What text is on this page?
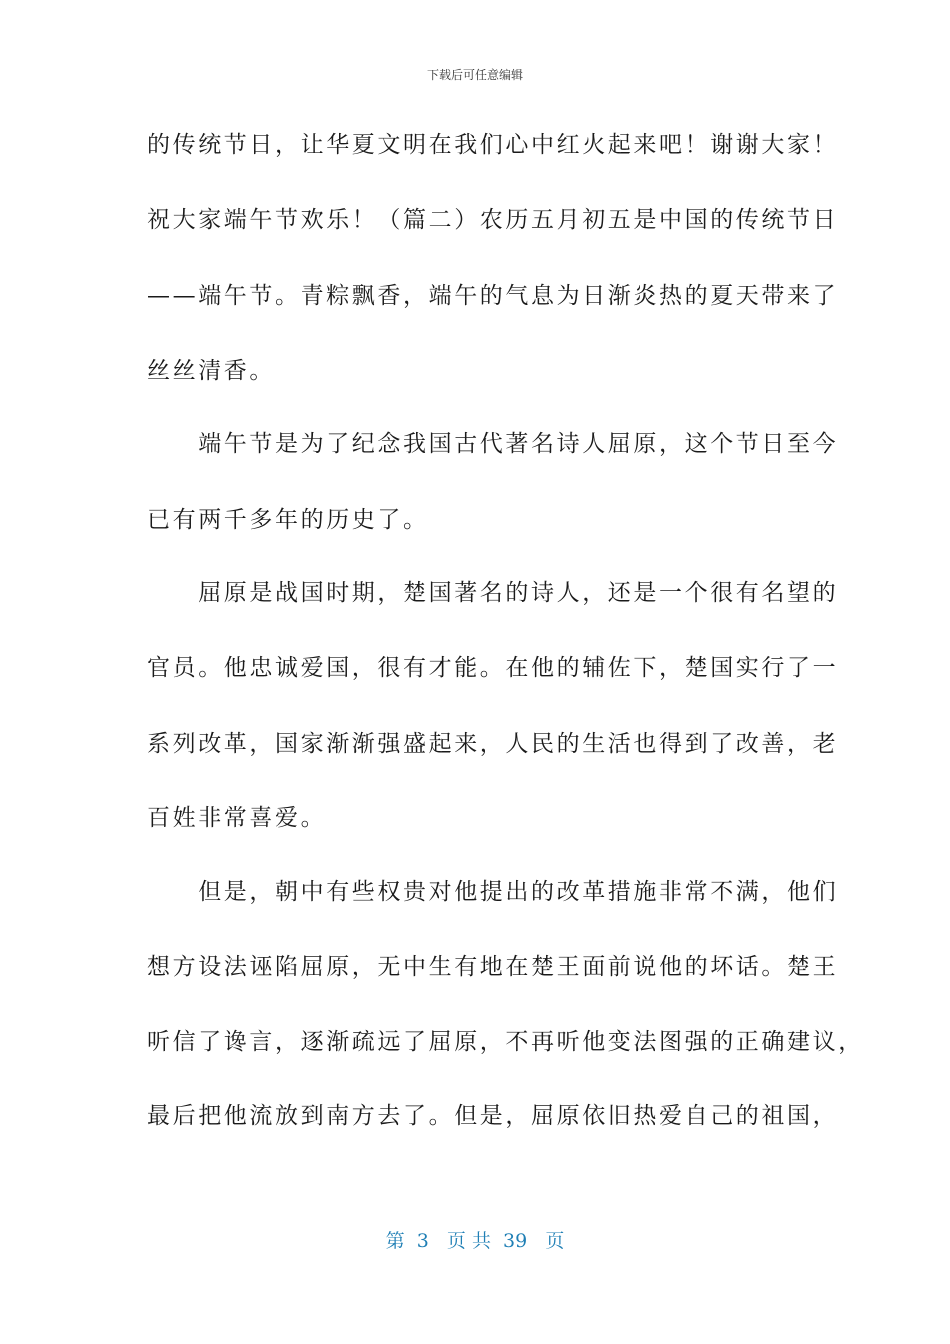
下载后可任意编辑
的传统节日，让华夏文明在我们心中红火起来吧！谢谢大家！
祝大家端午节欢乐！（篇二）农历五月初五是中国的传统节日
——端午节。青粽飘香，端午的气息为日渐炎热的夏天带来了
丝丝清香。
　　端午节是为了纪念我国古代著名诗人屈原，这个节日至今
已有两千多年的历史了。
　　屈原是战国时期，楚国著名的诗人，还是一个很有名望的
官员。他忠诚爱国，很有才能。在他的辅佐下，楚国实行了一
系列改革，国家渐渐强盛起来，人民的生活也得到了改善，老
百姓非常喜爱。
　　但是，朝中有些权贵对他提出的改革措施非常不满，他们
想方设法诬陷屈原，无中生有地在楚王面前说他的坏话。楚王
听信了谗言，逐渐疏远了屈原，不再听他变法图强的正确建议，
最后把他流放到南方去了。但是，屈原依旧热爱自己的祖国，
第  3   页 共  39   页
